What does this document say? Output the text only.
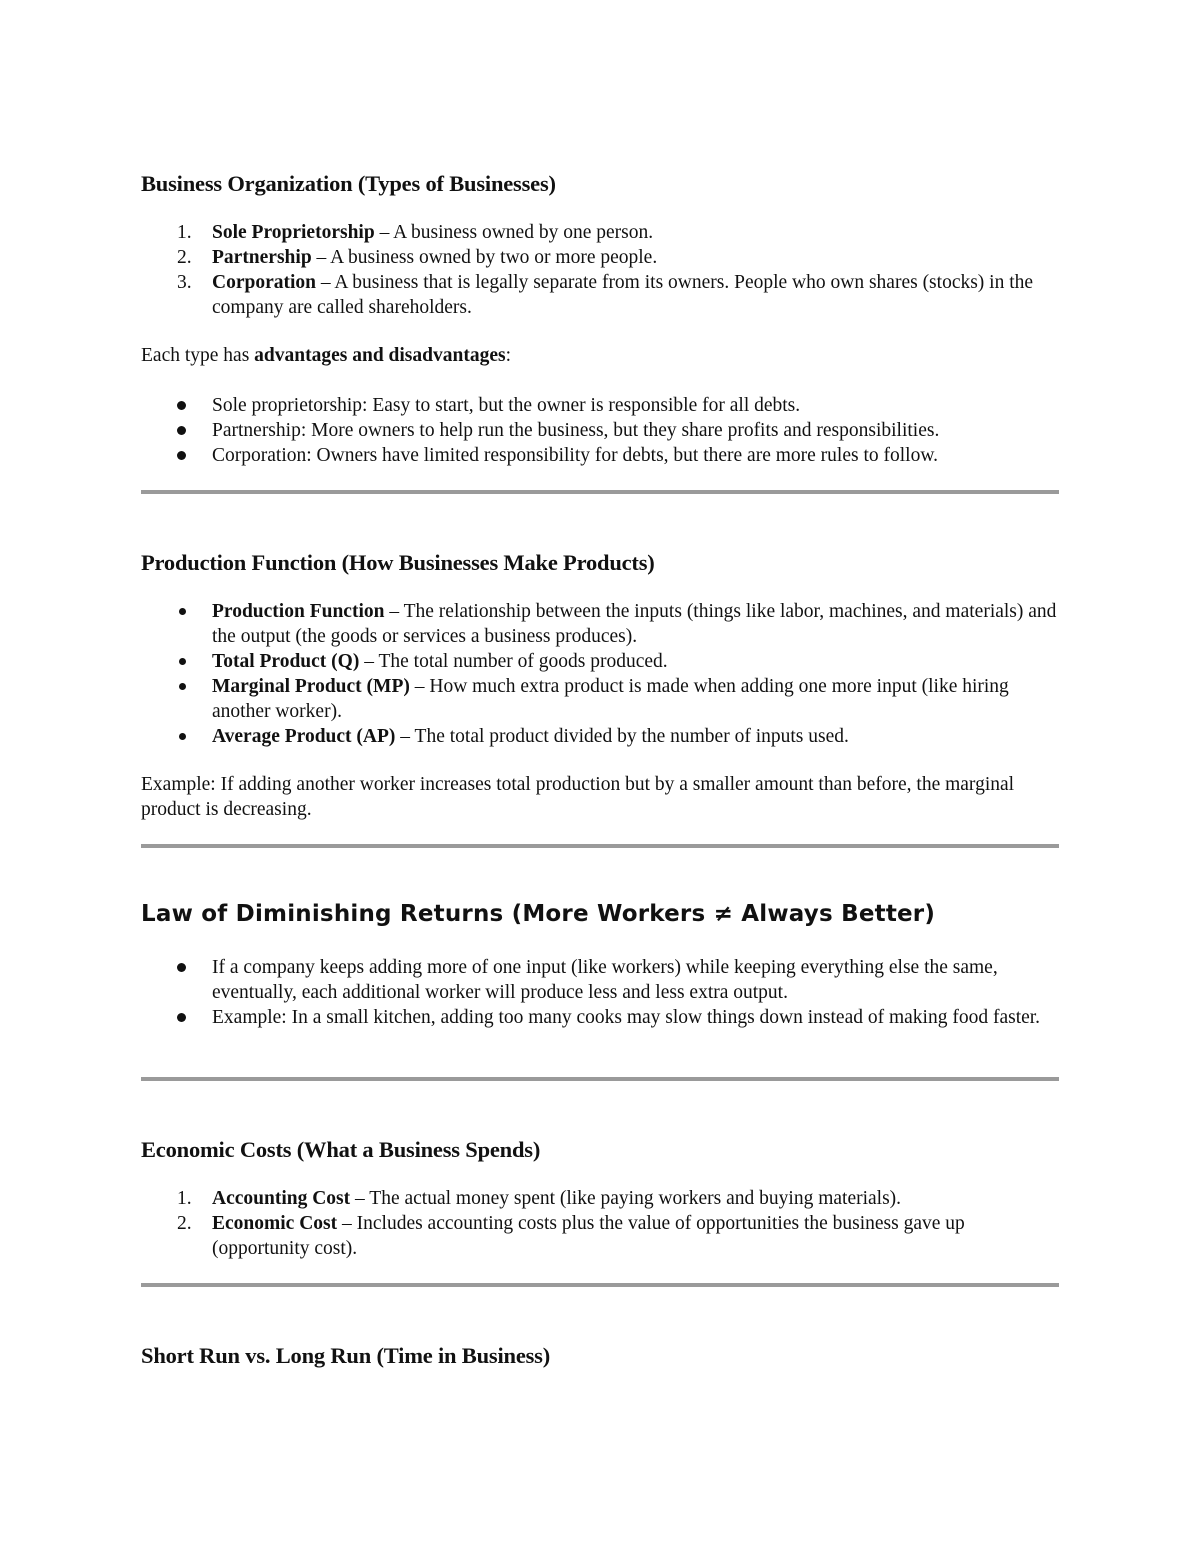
Business Organization (Types of Businesses)
1. Sole Proprietorship – A business owned by one person.
2. Partnership – A business owned by two or more people.
3. Corporation – A business that is legally separate from its owners. People who own shares (stocks) in the company are called shareholders.

Each type has advantages and disadvantages:

Sole proprietorship: Easy to start, but the owner is responsible for all debts.
Partnership: More owners to help run the business, but they share profits and responsibilities.
Corporation: Owners have limited responsibility for debts, but there are more rules to follow.
Production Function (How Businesses Make Products)
Production Function – The relationship between the inputs (things like labor, machines, and materials) and the output (the goods or services a business produces).
Total Product (Q) – The total number of goods produced.
Marginal Product (MP) – How much extra product is made when adding one more input (like hiring another worker).
Average Product (AP) – The total product divided by the number of inputs used.

Example: If adding another worker increases total production but by a smaller amount than before, the marginal product is decreasing.

Law of Diminishing Returns (More Workers ≠ Always Better)
If a company keeps adding more of one input (like workers) while keeping everything else the same, eventually, each additional worker will produce less and less extra output.
Example: In a small kitchen, adding too many cooks may slow things down instead of making food faster.
Economic Costs (What a Business Spends)
1. Accounting Cost – The actual money spent (like paying workers and buying materials).
2. Economic Cost – Includes accounting costs plus the value of opportunities the business gave up (opportunity cost).
Short Run vs. Long Run (Time in Business)
